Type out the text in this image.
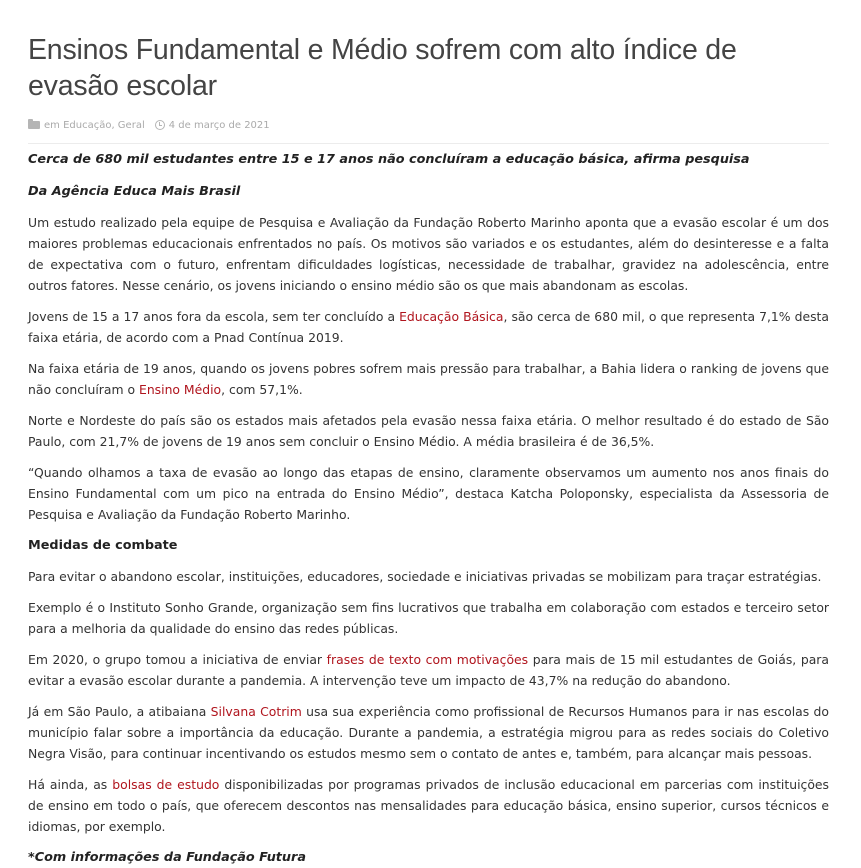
Ensinos Fundamental e Médio sofrem com alto índice de evasão escolar
em Educação, Geral 4 de março de 2021

Cerca de 680 mil estudantes entre 15 e 17 anos não concluíram a educação básica, afirma pesquisa

Da Agência Educa Mais Brasil

Um estudo realizado pela equipe de Pesquisa e Avaliação da Fundação Roberto Marinho aponta que a evasão escolar é um dos maiores problemas educacionais enfrentados no país. Os motivos são variados e os estudantes, além do desinteresse e a falta de expectativa com o futuro, enfrentam dificuldades logísticas, necessidade de trabalhar, gravidez na adolescência, entre outros fatores. Nesse cenário, os jovens iniciando o ensino médio são os que mais abandonam as escolas.

Jovens de 15 a 17 anos fora da escola, sem ter concluído a Educação Básica, são cerca de 680 mil, o que representa 7,1% desta faixa etária, de acordo com a Pnad Contínua 2019.

Na faixa etária de 19 anos, quando os jovens pobres sofrem mais pressão para trabalhar, a Bahia lidera o ranking de jovens que não concluíram o Ensino Médio, com 57,1%.

Norte e Nordeste do país são os estados mais afetados pela evasão nessa faixa etária. O melhor resultado é do estado de São Paulo, com 21,7% de jovens de 19 anos sem concluir o Ensino Médio. A média brasileira é de 36,5%.

“Quando olhamos a taxa de evasão ao longo das etapas de ensino, claramente observamos um aumento nos anos finais do Ensino Fundamental com um pico na entrada do Ensino Médio”, destaca Katcha Poloponsky, especialista da Assessoria de Pesquisa e Avaliação da Fundação Roberto Marinho.

Medidas de combate

Para evitar o abandono escolar, instituições, educadores, sociedade e iniciativas privadas se mobilizam para traçar estratégias.

Exemplo é o Instituto Sonho Grande, organização sem fins lucrativos que trabalha em colaboração com estados e terceiro setor para a melhoria da qualidade do ensino das redes públicas.

Em 2020, o grupo tomou a iniciativa de enviar frases de texto com motivações para mais de 15 mil estudantes de Goiás, para evitar a evasão escolar durante a pandemia. A intervenção teve um impacto de 43,7% na redução do abandono.

Já em São Paulo, a atibaiana Silvana Cotrim usa sua experiência como profissional de Recursos Humanos para ir nas escolas do município falar sobre a importância da educação. Durante a pandemia, a estratégia migrou para as redes sociais do Coletivo Negra Visão, para continuar incentivando os estudos mesmo sem o contato de antes e, também, para alcançar mais pessoas.

Há ainda, as bolsas de estudo disponibilizadas por programas privados de inclusão educacional em parcerias com instituições de ensino em todo o país, que oferecem descontos nas mensalidades para educação básica, ensino superior, cursos técnicos e idiomas, por exemplo.

*Com informações da Fundação Futura
